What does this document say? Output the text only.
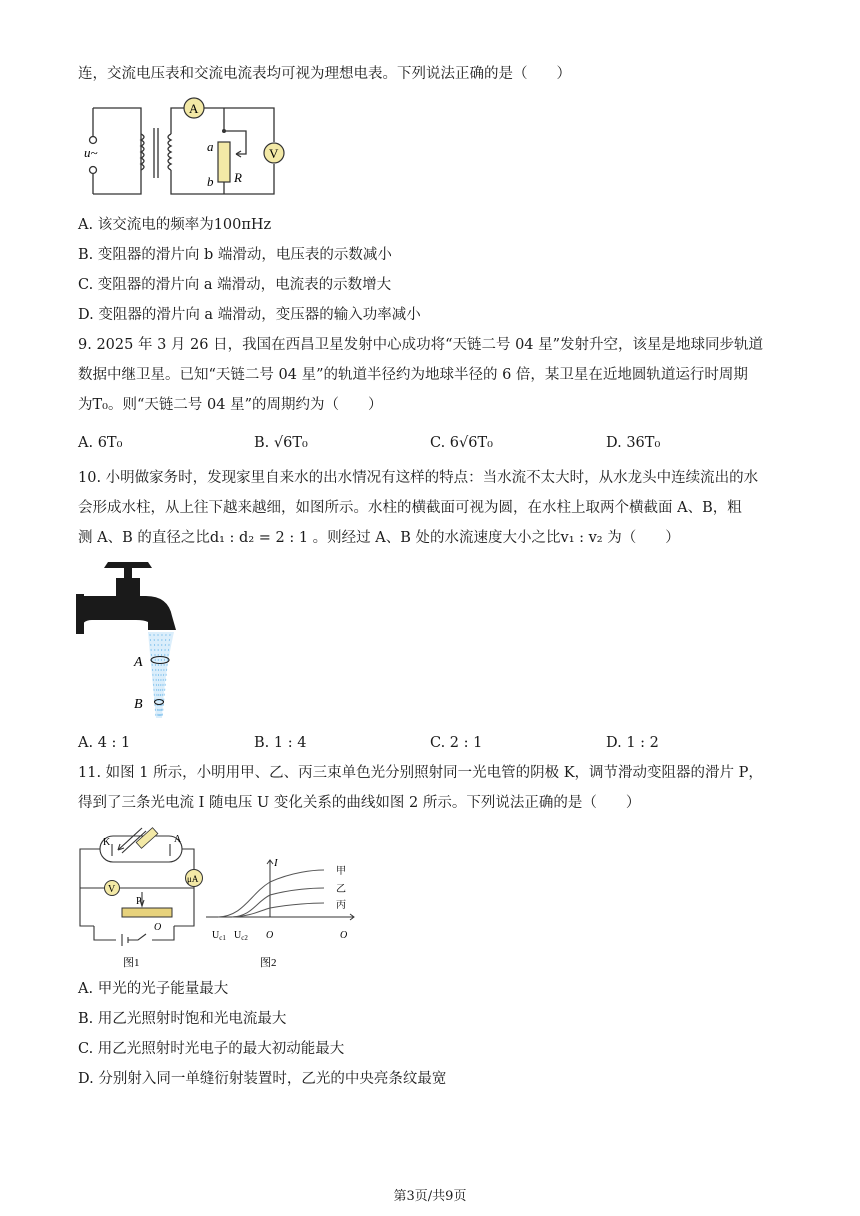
连，交流电压表和交流电流表均可视为理想电表。下列说法正确的是（　　）
u~
A
V
a
b R
A. 该交流电的频率为100πHz
B. 变阻器的滑片向 b 端滑动，电压表的示数减小
C. 变阻器的滑片向 a 端滑动，电流表的示数增大
D. 变阻器的滑片向 a 端滑动，变压器的输入功率减小
9. 2025 年 3 月 26 日，我国在西昌卫星发射中心成功将“天链二号 04 星”发射升空，该星是地球同步轨道
数据中继卫星。已知“天链二号 04 星”的轨道半径约为地球半径的 6 倍，某卫星在近地圆轨道运行时周期
为T₀。则“天链二号 04 星”的周期约为（　　）
A. 6T₀	B. √6T₀	C. 6√6T₀	D. 36T₀
10. 小明做家务时，发现家里自来水的出水情况有这样的特点：当水流不太大时，从水龙头中连续流出的水
会形成水柱，从上往下越来越细，如图所示。水柱的横截面可视为圆，在水柱上取两个横截面 A、B，粗
测 A、B 的直径之比d₁ : d₂ = 2 : 1 。则经过 A、B 处的水流速度大小之比v₁ : v₂ 为（　　）
A
B
A. 4 : 1	B. 1 : 4	C. 2 : 1	D. 1 : 2
11. 如图 1 所示，小明用甲、乙、丙三束单色光分别照射同一光电管的阴极 K，调节滑动变阻器的滑片 P，
得到了三条光电流 I 随电压 U 变化关系的曲线如图 2 所示。下列说法正确的是（　　）
K	A
μA
V
P
O
图1
I
甲
乙
丙
$U_{c1}$ $U_{c2}$ O	O
图2
A. 甲光的光子能量最大
B. 用乙光照射时饱和光电流最大
C. 用乙光照射时光电子的最大初动能最大
D. 分别射入同一单缝衍射装置时，乙光的中央亮条纹最宽
第3页/共9页
